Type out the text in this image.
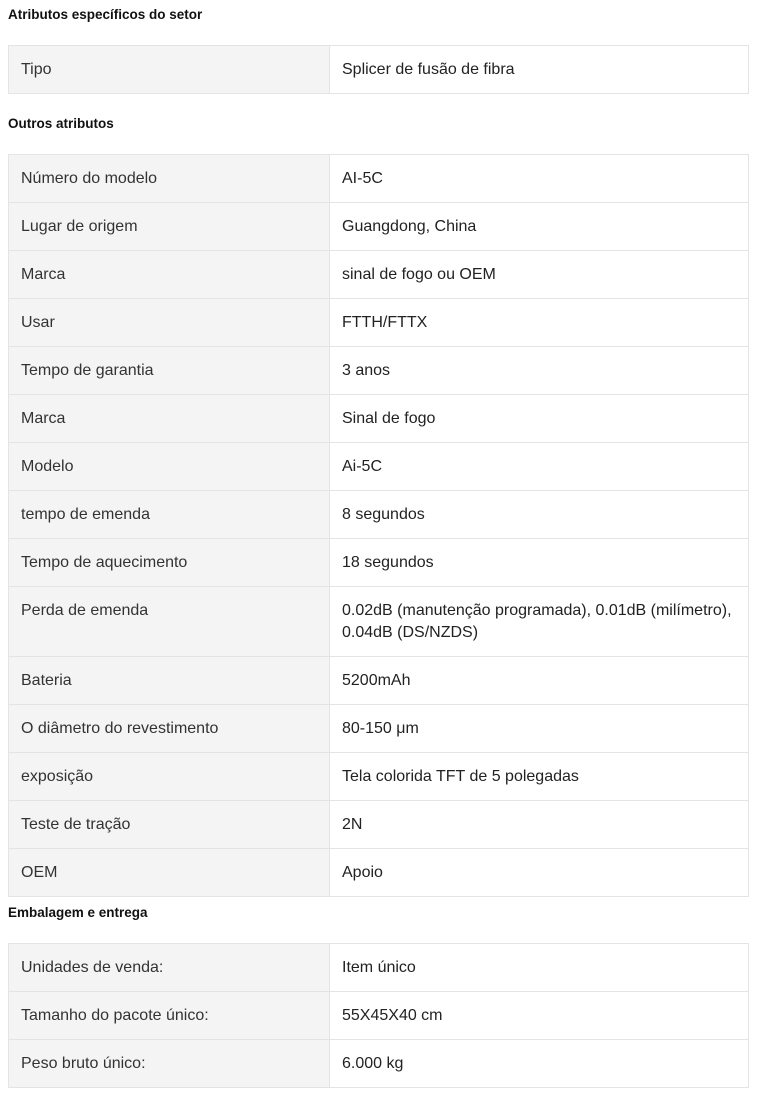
Atributos específicos do setor
Tipo	Splicer de fusão de fibra
Outros atributos
Número do modelo	AI-5C
Lugar de origem	Guangdong, China
Marca	sinal de fogo ou OEM
Usar	FTTH/FTTX
Tempo de garantia	3 anos
Marca	Sinal de fogo
Modelo	Ai-5C
tempo de emenda	8 segundos
Tempo de aquecimento	18 segundos
Perda de emenda	0.02dB (manutenção programada), 0.01dB (milímetro), 0.04dB (DS/NZDS)
Bateria	5200mAh
O diâmetro do revestimento	80-150 μm
exposição	Tela colorida TFT de 5 polegadas
Teste de tração	2N
OEM	Apoio
Embalagem e entrega
Unidades de venda:	Item único
Tamanho do pacote único:	55X45X40 cm
Peso bruto único:	6.000 kg
